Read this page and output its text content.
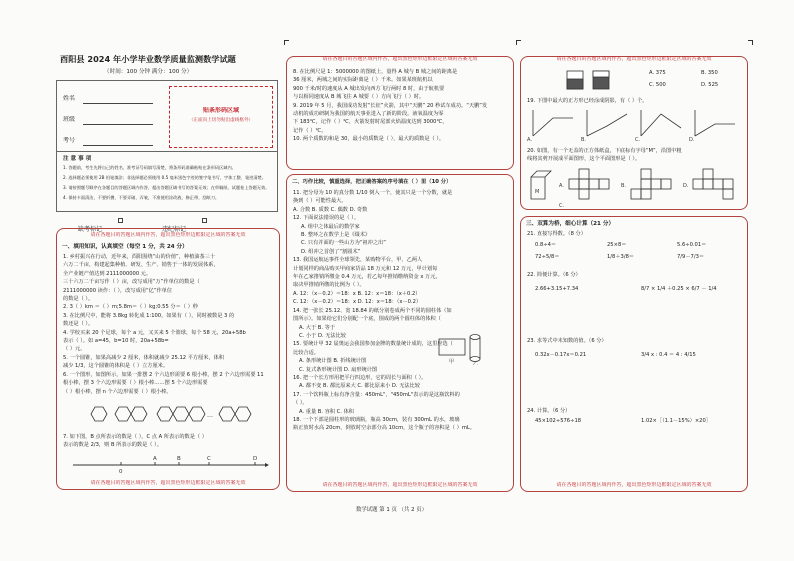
酉阳县 2024 年小学毕业数学质量监测数学试题
（时间：100 分钟 满分：100 分）
姓名
班级
考号
贴条形码区域
（正面向上切勿贴出虚线框外）
注 意 事 项
1. 答题前，考生先将自己的姓名、准考证号码填写清楚，将条形码准确粘贴在条形码区域内。
2. 选择题必须使用 2B 铅笔填涂；非选择题必须使用 0.5 毫米黑色字迹的签字笔书写，字体工整、笔迹清楚。
3. 请按照题号顺序在各题目的答题区域内作答，超出答题区域书写的答案无效；在草稿纸、试题卷上答题无效。
4. 保持卡面清洁，不要折叠、不要弄破、弄皱，不准使用涂改液、修正带、刮纸刀。
缺考标记	违纪标记
请在各题目的答题区域内作答，超出黑色矩形边框限定区域的答案无效
一、填用知识，认真填空（每空 1 分，共 24 分）
1. 乡村振兴在行动，近年来，酉阳围绕“山的价值”，种植油茶三十
六万二千亩，构建起集种植、研发、生产、销售于一体的发展体系，
全产业链产值达到 2111000000 元。
三十六万二千亩写作（ ）亩，改写成用“万”作单位的数是（
2111000000 读作：（ ），改写成用“亿”作单位
的数是（ ）。
2. 3（ ）km ＝（ ）m;5.8m＝（ ）kg;0.55 分＝（ ）秒
3. 在比例尺中，能将 3.8kg 转化成 1:100，如果有（ ），同时被数是 3 的
数还是（ ）。
4. 学校买来 20 个足球，每个 a 元，又买来 5 个篮球，每个 58 元，20a+58b
表示（ ）。如 a=45，b=10 时，20a+58b=
（ ）元。
5. 一个圆锥，如果高减少 2 厘米，体积就减少 25.12 平方厘米，体积
减少 1/3，这个圆锥的体积是（ ）立方厘米。
6. 一个图形，如图所示，如果一排摆 2 个六边形需要 6 根小棒，摆 2 个六边形需要 11
根小棒，摆 3 个六边形需要（ ）根小棒……摆 5 个六边形需要
（ ）根小棒，摆 n 个六边形需要（ ）根小棒。
…
7. 如下图，B 点所表示的数是（ ），C 点 A 所表示的数是（ ）
表示的数是 2/3，则 B 所表示的数是（ ）。
0
A	B	C	D
请在各题目的答题区域内作答，超出黑色矩形边框限定区域的答案无效
请在各题目的答题区域内作答，超出黑色矩形边框限定区域的答案无效
8. 在比例尺是 1：5000000 的图纸上，量得 A 城与 B 城之间的距离是
36 厘米，两城之间的实际距离是（ ）千米。如果某班航机以
900 千米/时的速度从 A 城出发向西方飞行两时 8 时，由于航机要
与以相同速度从 B 城飞往 A 城要（ ）方向飞行（ ）时。
9. 2019 年 5 月，我国成功发射“长征”火箭，其中“天鹏” 20 秒试车成功。“天鹏”发
动机的成功研制为我国的航天事业进入了新的阶段。液氧温度为零
下 183℃，记作（ ）℃，火箭发射时尾部火焰温度达到 3000℃，
记作（ ）℃。
10. 两个质数的和是 30，最小的质数是（ ），最大的质数是（ ）。
二、巧作比较，慎重选择，把正确答案的序号填在（ ）里（10 分）
11. 把分母为 10 的真分数 1/10 倒入一个，使其只是一个分数，就是
换到（ ）可能性最大。
A. 合数 B. 质数 C. 偶数 D. 奇数
12. 下面说法错误的是（ ）。
A. 组中之体最后的数学家
B. 整环之在数学上是《缀术》
C. 只有并面的一些山方为“祖冲之出”
D. 组冲之首创了“割圆术”
13. 我国运航运事件全球领先，某购物平台，甲、乙两人
计划同样的商品购买甲商家货品 18 万元和 12 万元，甲计划每
年在乙家推销所缴金 0.4 万元，若乙每年推销缴纳资金 x 万元，
取决甲推销所缴的比例为（ ）。
A. 12：（x－0.2）＝18：x B. 12：x＝18：（x＋0.2）
C. 12：（x－0.2）＝18：x D. 12：x＝18：（x－0.2）
14. 把一张长 25.12、宽 18.84 的纸分别卷成两个不同的圆柱体（如
图所示）。如果给它们分别配一个底，围成的两个圆柱体的体积（
A. 大于 B. 等于
C. 小于 D. 无法比较
15. 要统计甲 32 届奥运会我国参加金牌的数量统计成的，这里应选（
比较合适。
A. 条形统计图 B. 折线统计图
C. 复式条形统计图 D. 扇形统计图
16. 把一个长方形用把平行四边形，它的周长与面积（ ）。
A. 都不变 B. 都比原来大 C. 都比原来小 D. 无法比较
17. 一个饮料瓶上标有净含量：450mL"，"450mL"表示的是这瓶饮料的
（ ）。
A. 重量 B. 容积 C. 体积
18. 一个下部是圆柱形的玻璃瓶，瓶高 30cm，装有 300mL 的水，玻璃
瓶正放时水高 20cm，倒放时空余部分高 10cm，这个瓶子的容积是（ ）mL。
甲	乙
请在各题目的答题区域内作答，超出黑色矩形边框限定区域的答案无效
数学试题 第 1 页 （共 2 页）
请在各题目的答题区域内作答，超出黑色矩形边框限定区域的答案无效
A. 375	B. 350
C. 500	D. 525
19. 下图中最大的正方形已经涂成阴影，有（ ）个。
A.	B.	C.	D.
20. 如图，有一个无盖的正方体纸盒，下底标有字母“M”，沿图中粗
线将其剪开展成平面图形，这个平面图形是（ ）。
M
A.	B.
C.
D.
三、双算为桥，细心计算（21 分）
21. 直接写得数。（8 分）
0.8÷4＝	25×8＝	5.6÷0.01＝
72÷5/8＝	1/8＋3/8＝	7/9－7/3＝
22. 简便计算。（6 分）
2.66+3.15+7.34	8/7 × 1/4 ＋0.25 × 6/7 － 1/4
23. 求等式中未知数的值。（6 分）
0.32x－0.17x＝0.21	3/4 x : 0.4 ＝ 4 : 4/15
24. 计算。（6 分）
45×102÷576÷18	1.02×［（1.1－15%）×20］
请在各题目的答题区域内作答，超出黑色矩形边框限定区域的答案无效
